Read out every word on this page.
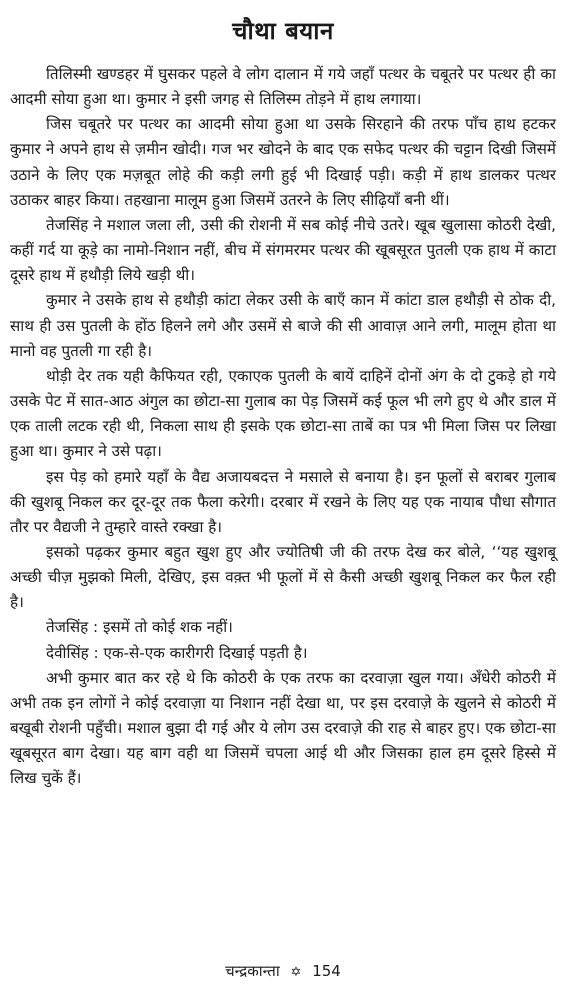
चौथा बयान

तिलिस्मी खण्डहर में घुसकर पहले वे लोग दालान में गये जहाँ पत्थर के चबूतरे पर पत्थर ही का आदमी सोया हुआ था। कुमार ने इसी जगह से तिलिस्म तोड़ने में हाथ लगाया।

जिस चबूतरे पर पत्थर का आदमी सोया हुआ था उसके सिरहाने की तरफ पाँच हाथ हटकर कुमार ने अपने हाथ से ज़मीन खोदी। गज भर खोदने के बाद एक सफेद पत्थर की चट्टान दिखी जिसमें उठाने के लिए एक मज़बूत लोहे की कड़ी लगी हुई भी दिखाई पड़ी। कड़ी में हाथ डालकर पत्थर उठाकर बाहर किया। तहखाना मालूम हुआ जिसमें उतरने के लिए सीढ़ियाँ बनी थीं।

तेजसिंह ने मशाल जला ली, उसी की रोशनी में सब कोई नीचे उतरे। खूब खुलासा कोठरी देखी, कहीं गर्द या कूड़े का नामो-निशान नहीं, बीच में संगमरमर पत्थर की खूबसूरत पुतली एक हाथ में काटा दूसरे हाथ में हथौड़ी लिये खड़ी थी।

कुमार ने उसके हाथ से हथौड़ी कांटा लेकर उसी के बाएँ कान में कांटा डाल हथौड़ी से ठोक दी, साथ ही उस पुतली के होंठ हिलने लगे और उसमें से बाजे की सी आवाज़ आने लगी, मालूम होता था मानो वह पुतली गा रही है।

थोड़ी देर तक यही कैफियत रही, एकाएक पुतली के बायें दाहिनें दोनों अंग के दो टुकड़े हो गये उसके पेट में सात-आठ अंगुल का छोटा-सा गुलाब का पेड़ जिसमें कई फूल भी लगे हुए थे और डाल में एक ताली लटक रही थी, निकला साथ ही इसके एक छोटा-सा ताबें का पत्र भी मिला जिस पर लिखा हुआ था। कुमार ने उसे पढ़ा।

इस पेड़ को हमारे यहाँ के वैद्य अजायबदत्त ने मसाले से बनाया है। इन फूलों से बराबर गुलाब की खुशबू निकल कर दूर-दूर तक फैला करेगी। दरबार में रखने के लिए यह एक नायाब पौधा सौगात तौर पर वैद्यजी ने तुम्हारे वास्ते रक्खा है।

इसको पढ़कर कुमार बहुत खुश हुए और ज्योतिषी जी की तरफ देख कर बोले, ‘‘यह खुशबू अच्छी चीज़ मुझको मिली, देखिए, इस वक़्त भी फूलों में से कैसी अच्छी खुशबू निकल कर फैल रही है।

तेजसिंह : इसमें तो कोई शक नहीं।

देवीसिंह : एक-से-एक कारीगरी दिखाई पड़ती है।

अभी कुमार बात कर रहे थे कि कोठरी के एक तरफ का दरवाज़ा खुल गया। अँधेरी कोठरी में अभी तक इन लोगों ने कोई दरवाज़ा या निशान नहीं देखा था, पर इस दरवाज़े के खुलने से कोठरी में बखूबी रोशनी पहुँची। मशाल बुझा दी गई और ये लोग उस दरवाज़े की राह से बाहर हुए। एक छोटा-सा खूबसूरत बाग देखा। यह बाग वही था जिसमें चपला आई थी और जिसका हाल हम दूसरे हिस्से में लिख चुकें हैं।

चन्द्रकान्ता ✡ 154
